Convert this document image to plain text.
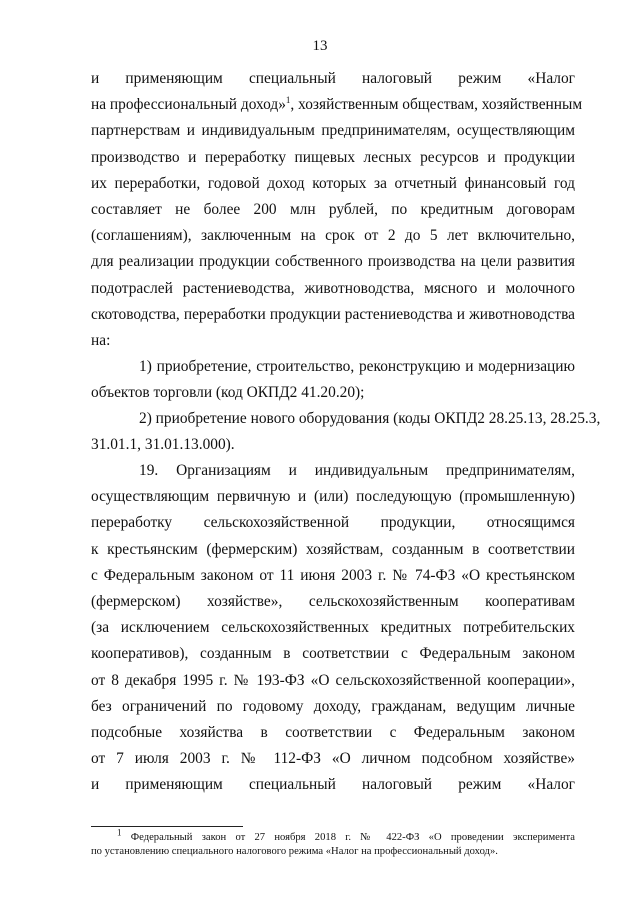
13
и применяющим специальный налоговый режим «Налог
на профессиональный доход»$^1$, хозяйственным обществам, хозяйственным
партнерствам и индивидуальным предпринимателям, осуществляющим
производство и переработку пищевых лесных ресурсов и продукции
их переработки, годовой доход которых за отчетный финансовый год
составляет не более 200 млн рублей, по кредитным договорам
(соглашениям), заключенным на срок от 2 до 5 лет включительно,
для реализации продукции собственного производства на цели развития
подотраслей растениеводства, животноводства, мясного и молочного
скотоводства, переработки продукции растениеводства и животноводства
на:
1) приобретение, строительство, реконструкцию и модернизацию
объектов торговли (код ОКПД2 41.20.20);
2) приобретение нового оборудования (коды ОКПД2 28.25.13, 28.25.3,
31.01.1, 31.01.13.000).
19. Организациям и индивидуальным предпринимателям,
осуществляющим первичную и (или) последующую (промышленную)
переработку сельскохозяйственной продукции, относящимся
к крестьянским (фермерским) хозяйствам, созданным в соответствии
с Федеральным законом от 11 июня 2003 г. № 74-ФЗ «О крестьянском
(фермерском) хозяйстве», сельскохозяйственным кооперативам
(за исключением сельскохозяйственных кредитных потребительских
кооперативов), созданным в соответствии с Федеральным законом
от 8 декабря 1995 г. № 193-ФЗ «О сельскохозяйственной кооперации»,
без ограничений по годовому доходу, гражданам, ведущим личные
подсобные хозяйства в соответствии с Федеральным законом
от 7 июля 2003 г. № 112-ФЗ «О личном подсобном хозяйстве»
и применяющим специальный налоговый режим «Налог
$^1$ Федеральный закон от 27 ноября 2018 г. № 422-ФЗ «О проведении эксперимента
по установлению специального налогового режима «Налог на профессиональный доход».
